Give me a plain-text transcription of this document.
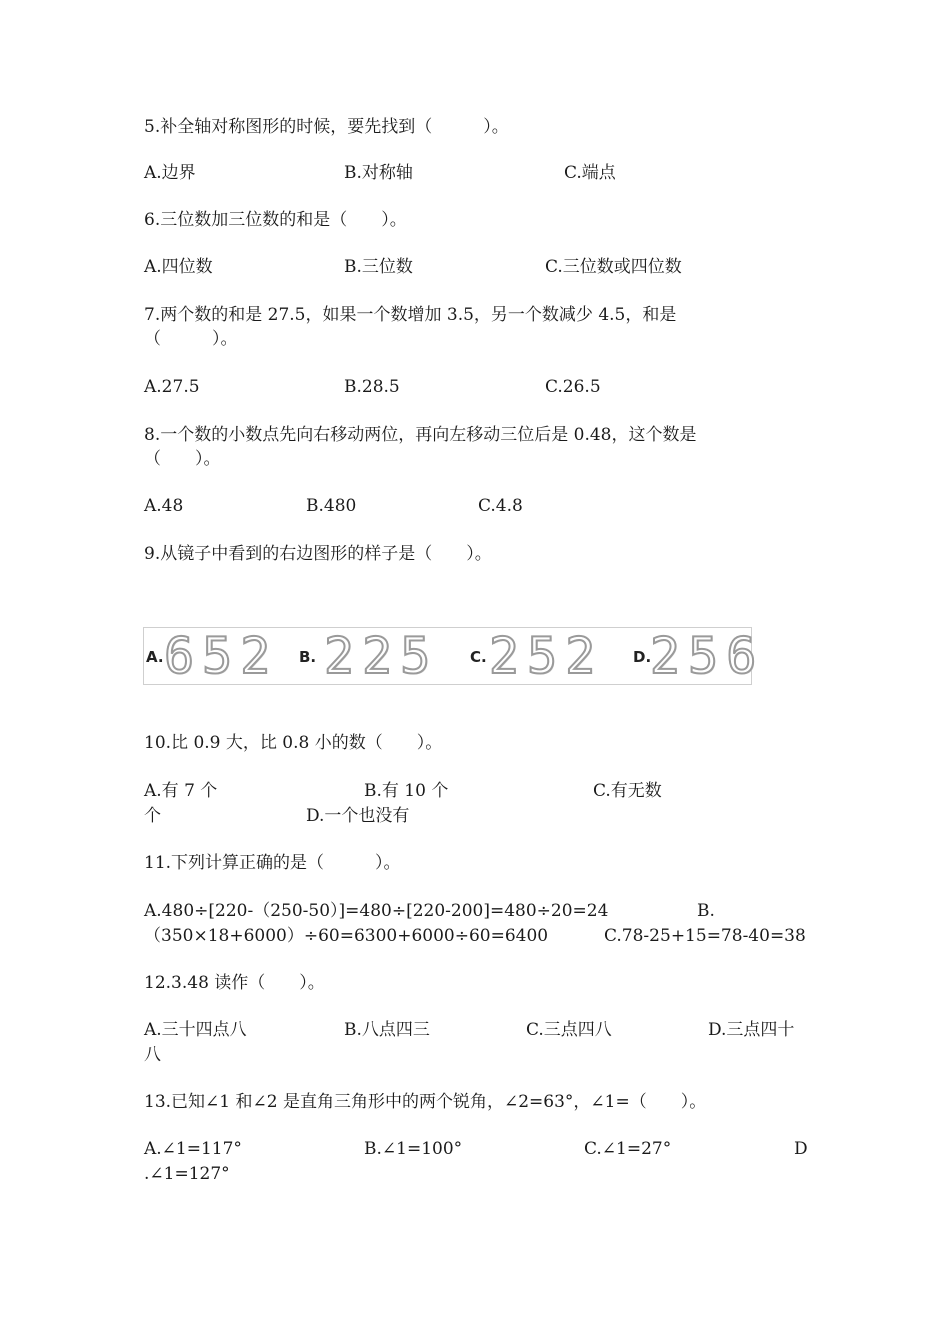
5.补全轴对称图形的时候，要先找到（　　　）。
A.边界	B.对称轴	C.端点
6.三位数加三位数的和是（　　）。
A.四位数	B.三位数	C.三位数或四位数
7.两个数的和是 27.5，如果一个数增加 3.5，另一个数减少 4.5，和是
（　　　）。
A.27.5	B.28.5	C.26.5
8.一个数的小数点先向右移动两位，再向左移动三位后是 0.48，这个数是
（　　）。
A.48	B.480	C.4.8
9.从镜子中看到的右边图形的样子是（　　）。
A. 652 B. 225 C. 252 D.
256
10.比 0.9 大，比 0.8 小的数（　　）。
A.有 7 个	B.有 10 个	C.有无数
个	D.一个也没有
11.下列计算正确的是（　　　）。
A.480÷[220-（250-50）]=480÷[220-200]=480÷20=24	B.
（350×18+6000）÷60=6300+6000÷60=6400	C.78-25+15=78-40=38
12.3.48 读作（　　）。
A.三十四点八	B.八点四三	C.三点四八	D.三点四十
八
13.已知∠1 和∠2 是直角三角形中的两个锐角，∠2=63°，∠1=（　　）。
A.∠1=117°	B.∠1=100°	C.∠1=27°	D
.∠1=127°
